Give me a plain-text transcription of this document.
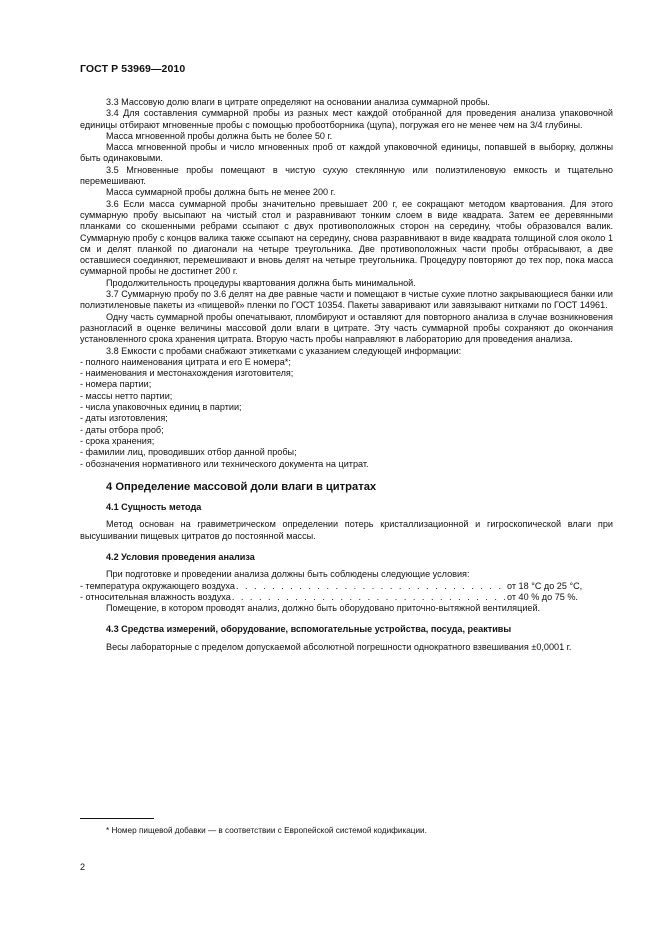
ГОСТ Р 53969—2010

3.3 Массовую долю влаги в цитрате определяют на основании анализа суммарной пробы.

3.4 Для составления суммарной пробы из разных мест каждой отобранной для проведения анализа упаковочной единицы отбирают мгновенные пробы с помощью пробоотборника (щупа), погружая его не менее чем на 3/4 глубины.

Масса мгновенной пробы должна быть не более 50 г.

Масса мгновенной пробы и число мгновенных проб от каждой упаковочной единицы, попавшей в выборку, должны быть одинаковыми.

3.5 Мгновенные пробы помещают в чистую сухую стеклянную или полиэтиленовую емкость и тщательно перемешивают.

Масса суммарной пробы должна быть не менее 200 г.

3.6 Если масса суммарной пробы значительно превышает 200 г, ее сокращают методом квартования. Для этого суммарную пробу высыпают на чистый стол и разравнивают тонким слоем в виде квадрата. Затем ее деревянными планками со скошенными ребрами ссыпают с двух противоположных сторон на середину, чтобы образовался валик. Суммарную пробу с концов валика также ссыпают на середину, снова разравнивают в виде квадрата толщиной слоя около 1 см и делят планкой по диагонали на четыре треугольника. Две противоположных части пробы отбрасывают, а две оставшиеся соединяют, перемешивают и вновь делят на четыре треугольника. Процедуру повторяют до тех пор, пока масса суммарной пробы не достигнет 200 г.

Продолжительность процедуры квартования должна быть минимальной.

3.7 Суммарную пробу по 3.6 делят на две равные части и помещают в чистые сухие плотно закрывающиеся банки или полиэтиленовые пакеты из «пищевой» пленки по ГОСТ 10354. Пакеты заваривают или завязывают нитками по ГОСТ 14961.

Одну часть суммарной пробы опечатывают, пломбируют и оставляют для повторного анализа в случае возникновения разногласий в оценке величины массовой доли влаги в цитрате. Эту часть суммарной пробы сохраняют до окончания установленного срока хранения цитрата. Вторую часть пробы направляют в лабораторию для проведения анализа.

3.8 Емкости с пробами снабжают этикетками с указанием следующей информации:

- полного наименования цитрата и его Е номера*;

- наименования и местонахождения изготовителя;

- номера партии;

- массы нетто партии;

- числа упаковочных единиц в партии;

- даты изготовления;

- даты отбора проб;

- срока хранения;

- фамилии лиц, проводивших отбор данной пробы;

- обозначения нормативного или технического документа на цитрат.

4 Определение массовой доли влаги в цитратах
4.1 Сущность метода

Метод основан на гравиметрическом определении потерь кристаллизационной и гигроскопической влаги при высушивании пищевых цитратов до постоянной массы.

4.2 Условия проведения анализа

При подготовке и проведении анализа должны быть соблюдены следующие условия:

- температура окружающего воздуха . . .	от 18 °С до 25 °С,
- относительная влажность воздуха . . .	от 40 % до 75 %.

Помещение, в котором проводят анализ, должно быть оборудовано приточно-вытяжной вентиляцией.

4.3 Средства измерений, оборудование, вспомогательные устройства, посуда, реактивы

Весы лабораторные с пределом допускаемой абсолютной погрешности однократного взвешивания ±0,0001 г.

* Номер пищевой добавки — в соответствии с Европейской системой кодификации.
2
